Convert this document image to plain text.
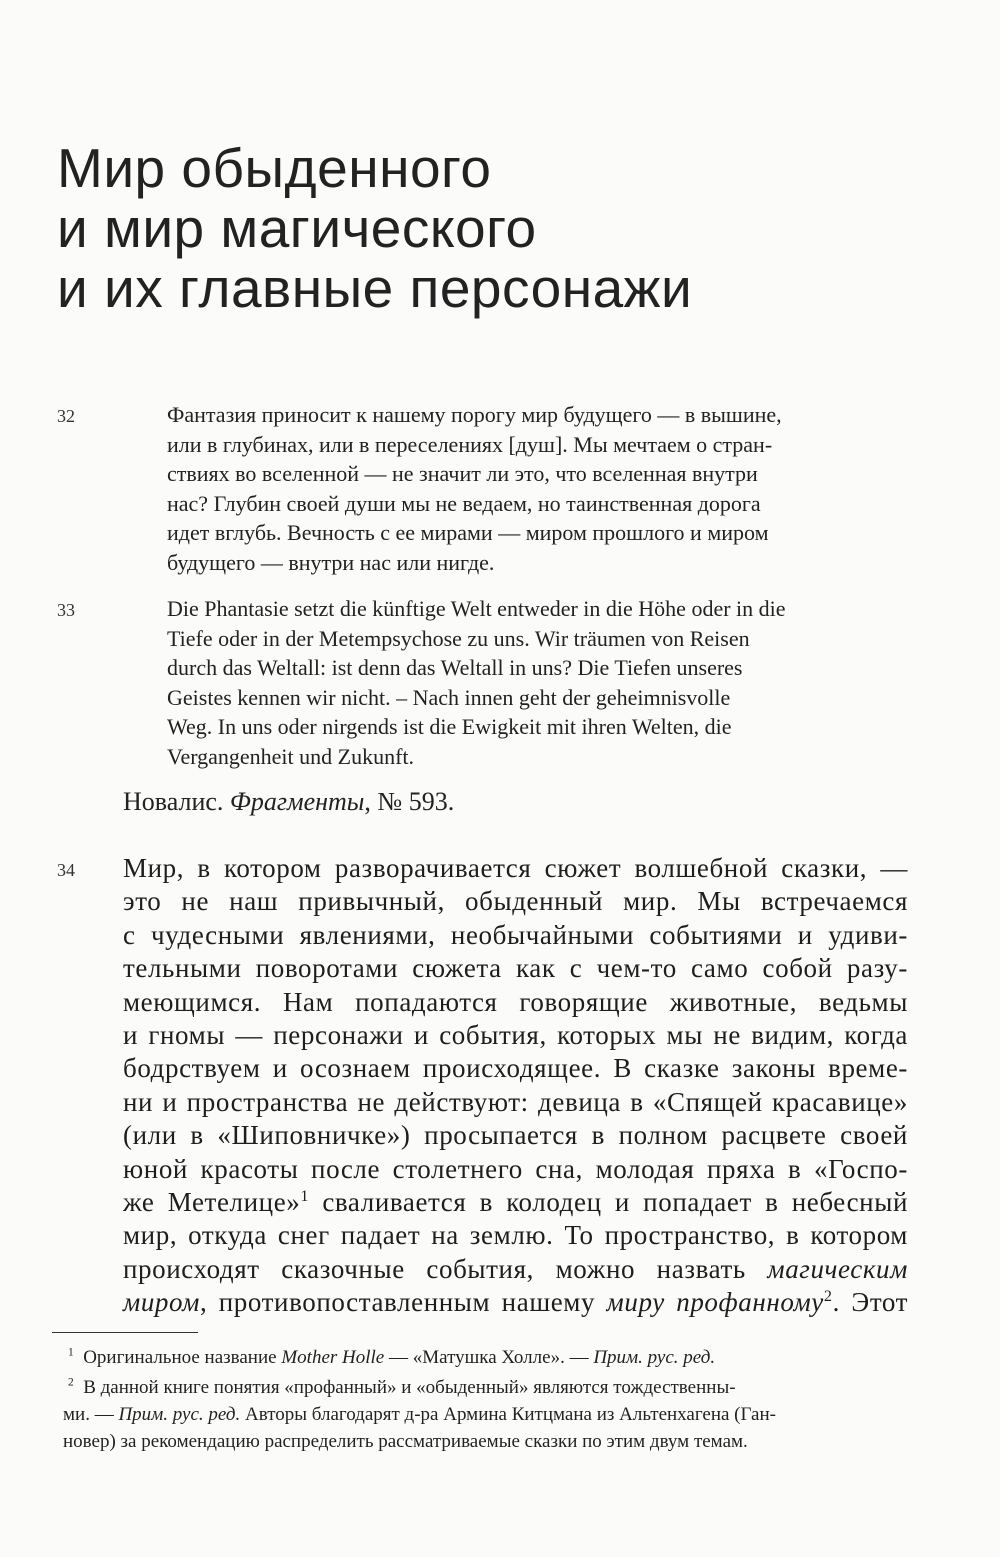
Мир обыденного
и мир магического
и их главные персонажи
32	Фантазия приносит к нашему порогу мир будущего — в вышине,
или в глубинах, или в переселениях [душ]. Мы мечтаем о стран-
ствиях во вселенной — не значит ли это, что вселенная внутри
нас? Глубин своей души мы не ведаем, но таинственная дорога
идет вглубь. Вечность с ее мирами — миром прошлого и миром
будущего — внутри нас или нигде.
33	Die Phantasie setzt die künftige Welt entweder in die Höhe oder in die
Tiefe oder in der Metempsychose zu uns. Wir träumen von Reisen
durch das Weltall: ist denn das Weltall in uns? Die Tiefen unseres
Geistes kennen wir nicht. – Nach innen geht der geheimnisvolle
Weg. In uns oder nirgends ist die Ewigkeit mit ihren Welten, die
Vergangenheit und Zukunft.
Новалис. Фрагменты, № 593.
34 Мир, в котором разворачивается сюжет волшебной сказки, —
это не наш привычный, обыденный мир. Мы встречаемся
с чудесными явлениями, необычайными событиями и удиви-
тельными поворотами сюжета как с чем-то само собой разу-
меющимся. Нам попадаются говорящие животные, ведьмы
и гномы — персонажи и события, которых мы не видим, когда
бодрствуем и осознаем происходящее. В сказке законы време-
ни и пространства не действуют: девица в «Спящей красавице»
(или в «Шиповничке») просыпается в полном расцвете своей
юной красоты после столетнего сна, молодая пряха в «Госпо-
же Метелице»$^1$ сваливается в колодец и попадает в небесный
мир, откуда снег падает на землю. То пространство, в котором
происходят сказочные события, можно назвать магическим
миром, противопоставленным нашему миру профанному$^2$. Этот
$^1$ Оригинальное название Mother Holle — «Матушка Холле». — Прим. рус. ред.
$^2$ В данной книге понятия «профанный» и «обыденный» являются тождественны-
ми. — Прим. рус. ред. Авторы благодарят д-ра Армина Китцмана из Альтенхагена (Ган-
новер) за рекомендацию распределить рассматриваемые сказки по этим двум темам.
